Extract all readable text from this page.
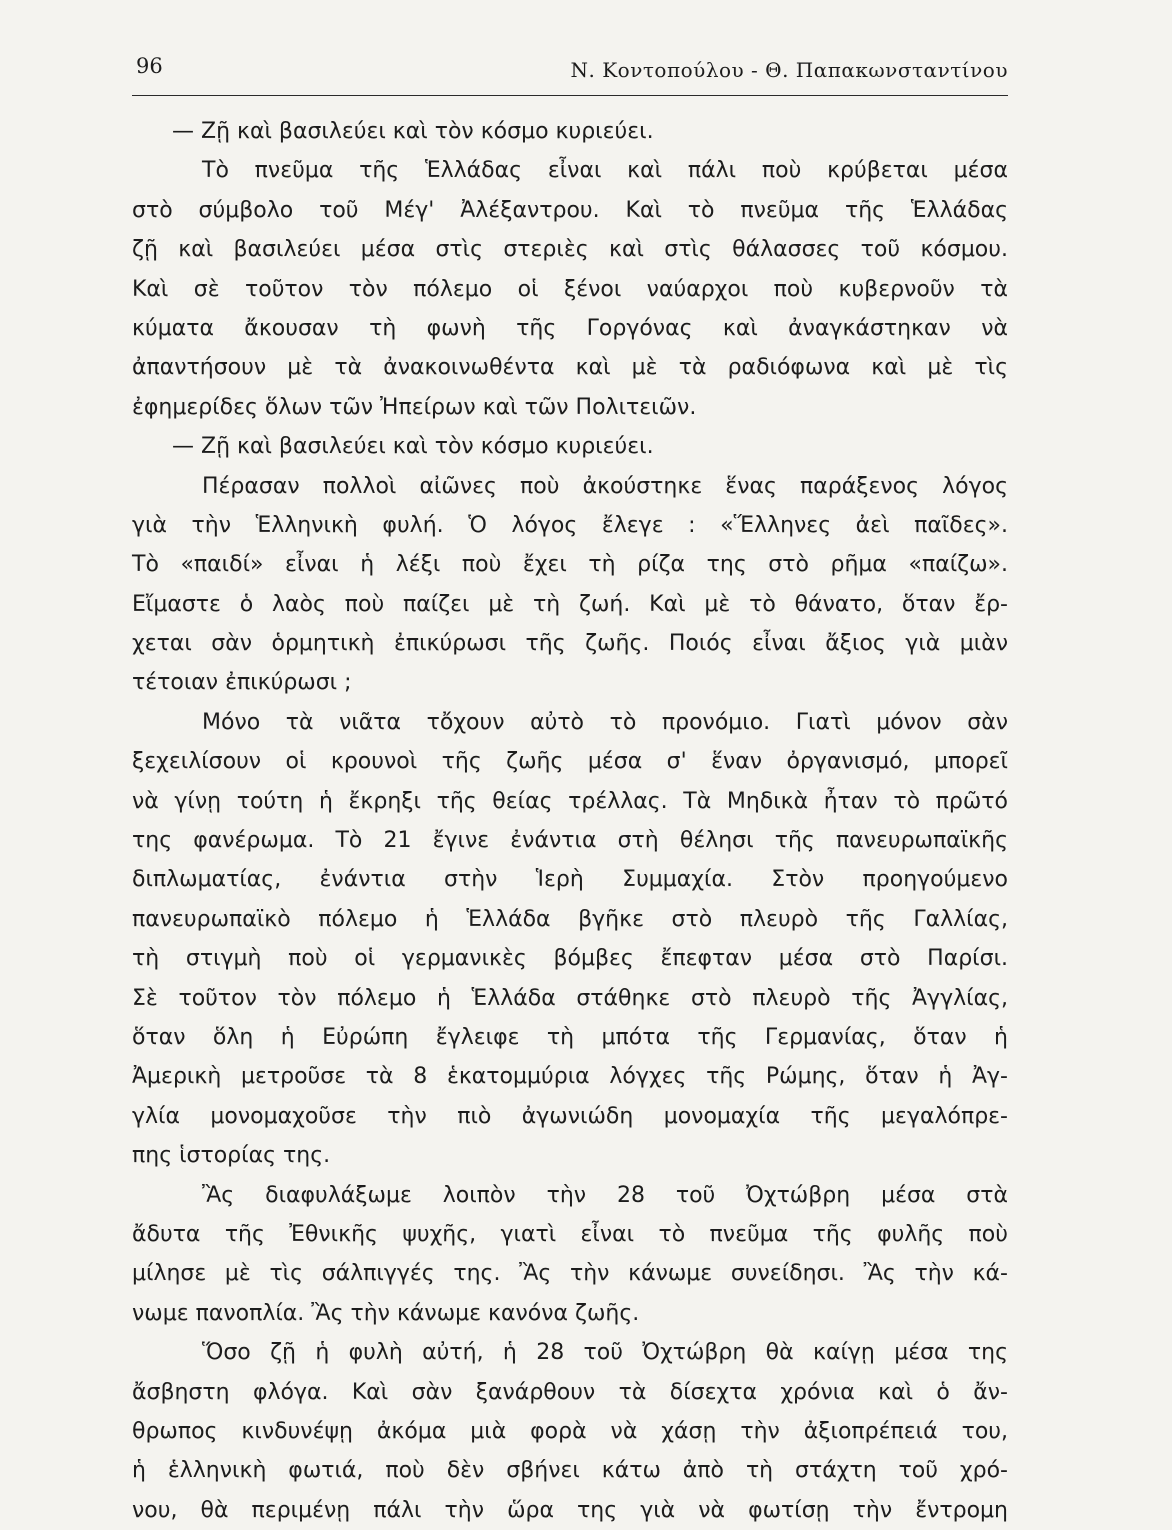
96	Ν. Κοντοπούλου - Θ. Παπακωνσταντίνου
— Ζῇ καὶ βασιλεύει καὶ τὸν κόσμο κυριεύει.
Τὸ πνεῦμα τῆς Ἑλλάδας εἶναι καὶ πάλι ποὺ κρύβεται μέσα
στὸ σύμβολο τοῦ Μέγ' Ἀλέξαντρου. Καὶ τὸ πνεῦμα τῆς Ἑλλάδας
ζῇ καὶ βασιλεύει μέσα στὶς στεριὲς καὶ στὶς θάλασσες τοῦ κόσμου.
Καὶ σὲ τοῦτον τὸν πόλεμο οἱ ξένοι ναύαρχοι ποὺ κυβερνοῦν τὰ
κύματα ἄκουσαν τὴ φωνὴ τῆς Γοργόνας καὶ ἀναγκάστηκαν νὰ
ἀπαντήσουν μὲ τὰ ἀνακοινωθέντα καὶ μὲ τὰ ραδιόφωνα καὶ μὲ τὶς
ἐφημερίδες ὅλων τῶν Ἠπείρων καὶ τῶν Πολιτειῶν.
— Ζῇ καὶ βασιλεύει καὶ τὸν κόσμο κυριεύει.
Πέρασαν πολλοὶ αἰῶνες ποὺ ἀκούστηκε ἕνας παράξενος λόγος
γιὰ τὴν Ἑλληνικὴ φυλή. Ὁ λόγος ἔλεγε : «Ἕλληνες ἀεὶ παῖδες».
Τὸ «παιδί» εἶναι ἡ λέξι ποὺ ἔχει τὴ ρίζα της στὸ ρῆμα «παίζω».
Εἴμαστε ὁ λαὸς ποὺ παίζει μὲ τὴ ζωή. Καὶ μὲ τὸ θάνατο, ὅταν ἔρ-
χεται σὰν ὁρμητικὴ ἐπικύρωσι τῆς ζωῆς. Ποιός εἶναι ἄξιος γιὰ μιὰν
τέτοιαν ἐπικύρωσι ;
Μόνο τὰ νιᾶτα τὄχουν αὐτὸ τὸ προνόμιο. Γιατὶ μόνον σὰν
ξεχειλίσουν οἱ κρουνοὶ τῆς ζωῆς μέσα σ' ἕναν ὀργανισμό, μπορεῖ
νὰ γίνῃ τούτη ἡ ἔκρηξι τῆς θείας τρέλλας. Τὰ Μηδικὰ ἦταν τὸ πρῶτό
της φανέρωμα. Τὸ 21 ἔγινε ἐνάντια στὴ θέλησι τῆς πανευρωπαϊκῆς
διπλωματίας, ἐνάντια στὴν Ἱερὴ Συμμαχία. Στὸν προηγούμενο
πανευρωπαϊκὸ πόλεμο ἡ Ἑλλάδα βγῆκε στὸ πλευρὸ τῆς Γαλλίας,
τὴ στιγμὴ ποὺ οἱ γερμανικὲς βόμβες ἔπεφταν μέσα στὸ Παρίσι.
Σὲ τοῦτον τὸν πόλεμο ἡ Ἑλλάδα στάθηκε στὸ πλευρὸ τῆς Ἀγγλίας,
ὅταν ὅλη ἡ Εὐρώπη ἔγλειφε τὴ μπότα τῆς Γερμανίας, ὅταν ἡ
Ἀμερικὴ μετροῦσε τὰ 8 ἑκατομμύρια λόγχες τῆς Ρώμης, ὅταν ἡ Ἀγ-
γλία μονομαχοῦσε τὴν πιὸ ἀγωνιώδη μονομαχία τῆς μεγαλόπρε-
πης ἱστορίας της.
Ἂς διαφυλάξωμε λοιπὸν τὴν 28 τοῦ Ὀχτώβρη μέσα στὰ
ἄδυτα τῆς Ἐθνικῆς ψυχῆς, γιατὶ εἶναι τὸ πνεῦμα τῆς φυλῆς ποὺ
μίλησε μὲ τὶς σάλπιγγές της. Ἂς τὴν κάνωμε συνείδησι. Ἂς τὴν κά-
νωμε πανοπλία. Ἂς τὴν κάνωμε κανόνα ζωῆς.
Ὅσο ζῇ ἡ φυλὴ αὐτή, ἡ 28 τοῦ Ὀχτώβρη θὰ καίγῃ μέσα της
ἄσβηστη φλόγα. Καὶ σὰν ξανάρθουν τὰ δίσεχτα χρόνια καὶ ὁ ἄν-
θρωπος κινδυνέψῃ ἀκόμα μιὰ φορὰ νὰ χάσῃ τὴν ἀξιοπρέπειά του,
ἡ ἑλληνικὴ φωτιά, ποὺ δὲν σβήνει κάτω ἀπὸ τὴ στάχτη τοῦ χρό-
νου, θὰ περιμένῃ πάλι τὴν ὥρα της γιὰ νὰ φωτίσῃ τὴν ἔντρομη
